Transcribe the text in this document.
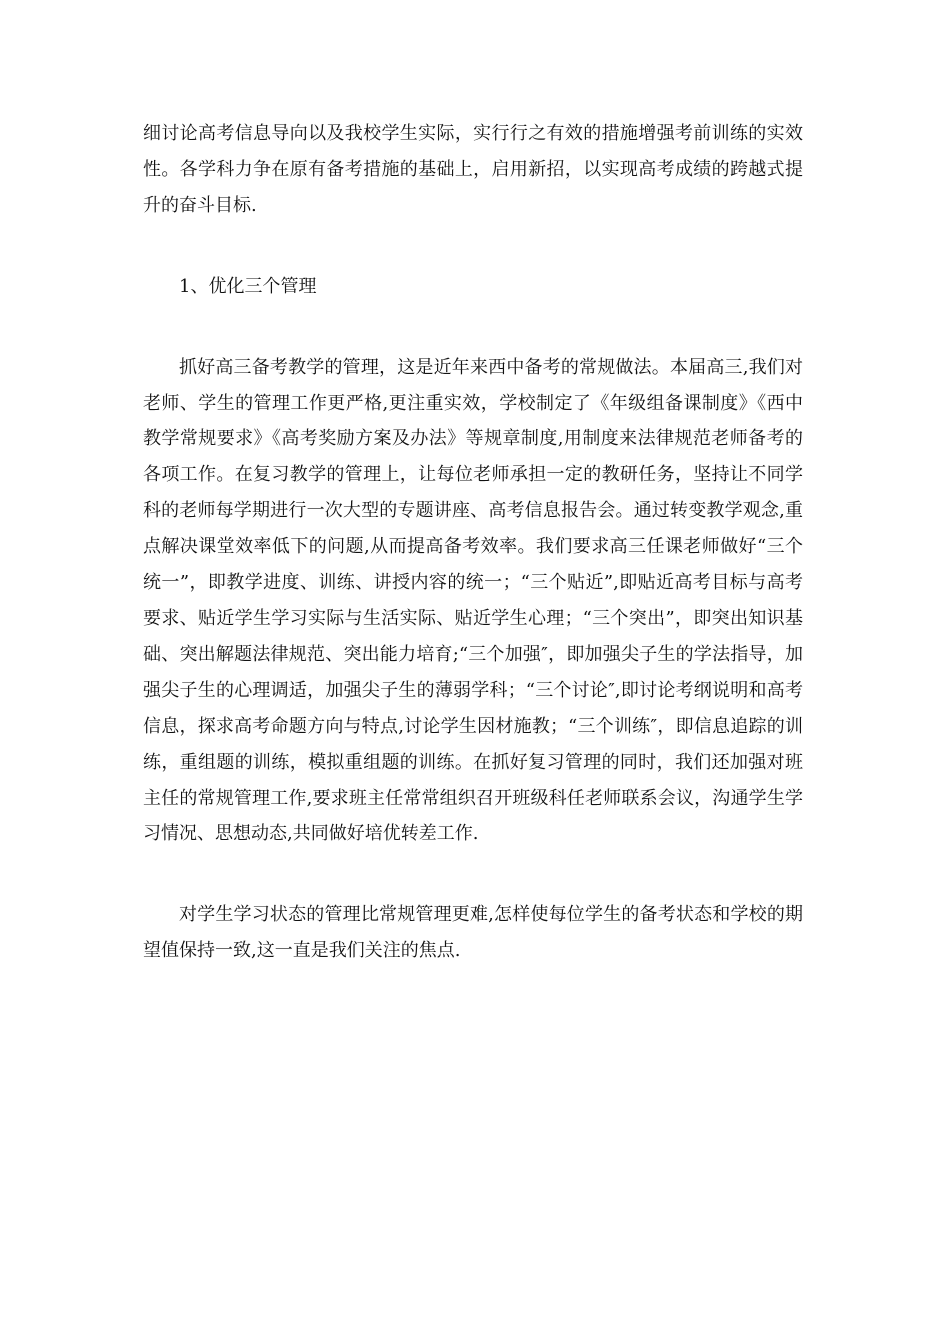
细讨论高考信息导向以及我校学生实际，实行行之有效的措施增强考前训练的实效性。各学科力争在原有备考措施的基础上，启用新招，以实现高考成绩的跨越式提升的奋斗目标.

1、优化三个管理

抓好高三备考教学的管理，这是近年来西中备考的常规做法。本届高三,我们对老师、学生的管理工作更严格,更注重实效，学校制定了《年级组备课制度》《西中教学常规要求》《高考奖励方案及办法》等规章制度,用制度来法律规范老师备考的各项工作。在复习教学的管理上，让每位老师承担一定的教研任务，坚持让不同学科的老师每学期进行一次大型的专题讲座、高考信息报告会。通过转变教学观念,重点解决课堂效率低下的问题,从而提高备考效率。我们要求高三任课老师做好“三个统一”，即教学进度、训练、讲授内容的统一；“三个贴近”,即贴近高考目标与高考要求、贴近学生学习实际与生活实际、贴近学生心理；“三个突出”，即突出知识基础、突出解题法律规范、突出能力培育;“三个加强″，即加强尖子生的学法指导，加强尖子生的心理调适，加强尖子生的薄弱学科；“三个讨论″,即讨论考纲说明和高考信息，探求高考命题方向与特点,讨论学生因材施教；“三个训练″，即信息追踪的训练，重组题的训练，模拟重组题的训练。在抓好复习管理的同时，我们还加强对班主任的常规管理工作,要求班主任常常组织召开班级科任老师联系会议，沟通学生学习情况、思想动态,共同做好培优转差工作.

对学生学习状态的管理比常规管理更难,怎样使每位学生的备考状态和学校的期望值保持一致,这一直是我们关注的焦点.
